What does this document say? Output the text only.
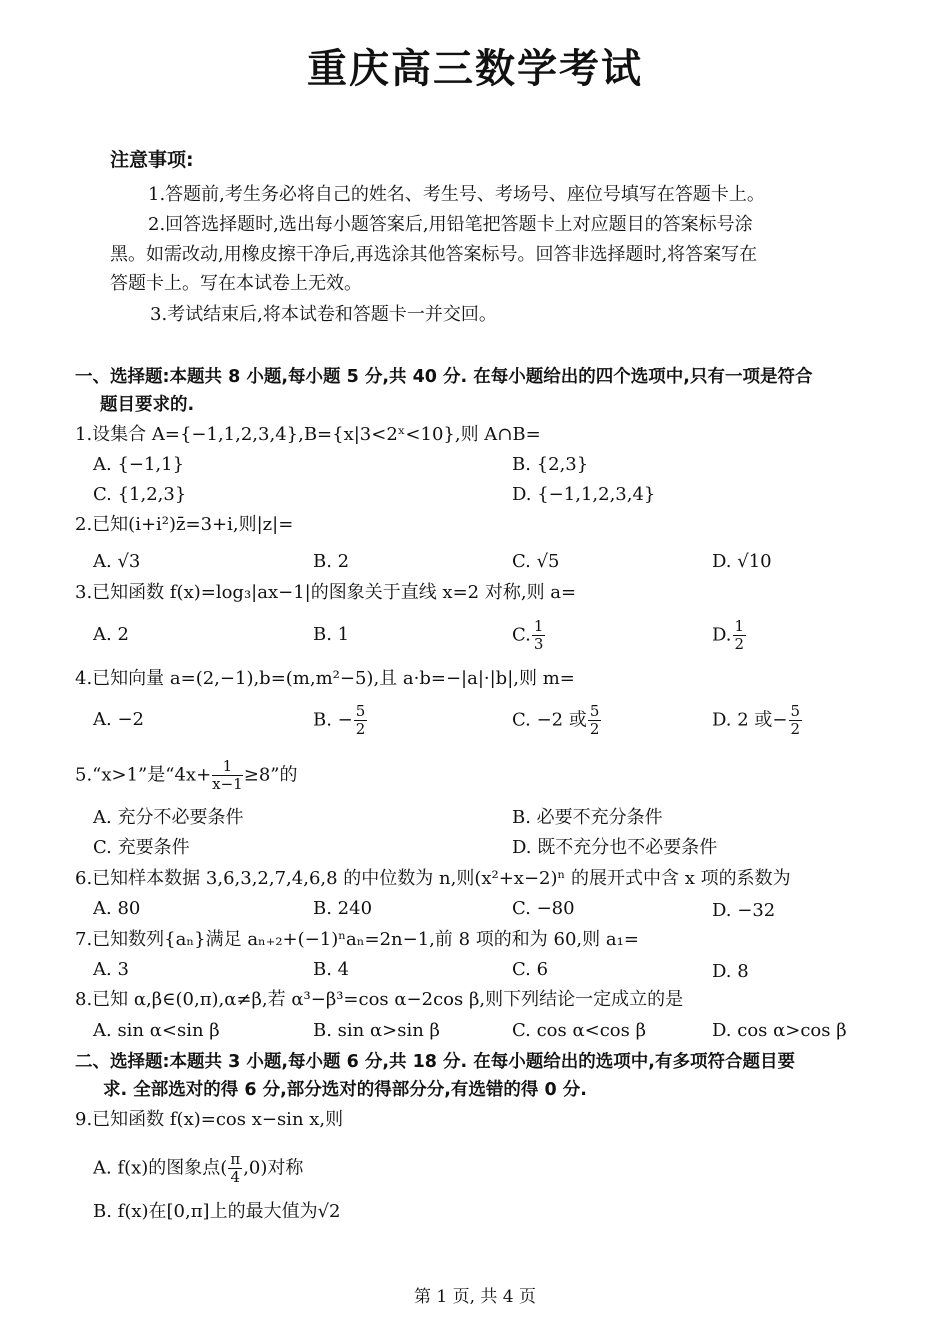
重庆高三数学考试
注意事项:
1.答题前,考生务必将自己的姓名、考生号、考场号、座位号填写在答题卡上。
2.回答选择题时,选出每小题答案后,用铅笔把答题卡上对应题目的答案标号涂
黑。如需改动,用橡皮擦干净后,再选涂其他答案标号。回答非选择题时,将答案写在
答题卡上。写在本试卷上无效。
3.考试结束后,将本试卷和答题卡一并交回。
一、选择题:本题共 8 小题,每小题 5 分,共 40 分. 在每小题给出的四个选项中,只有一项是符合
题目要求的.
1.设集合 A={−1,1,2,3,4},B={x|3<2ˣ<10},则 A∩B=
A. {−1,1}	B. {2,3}
C. {1,2,3}	D. {−1,1,2,3,4}
2.已知(i+i²)z̄=3+i,则|z|=
A. √3	B. 2	C. √5	D. √10
3.已知函数 f(x)=log₃|ax−1|的图象关于直线 x=2 对称,则 a=
A. 2	B. 1	C. $\frac{1}{3}$	D. $\frac{1}{2}$
4.已知向量 a=(2,−1),b=(m,m²−5),且 a·b=−|a|·|b|,则 m=
A. −2	B. − $\frac{5}{2}$	C. −2 或 $\frac{5}{2}$	D. 2 或− $\frac{5}{2}$
5.“x>1”是“$4x+ \frac{1}{x-1} \ge 8$”的
A. 充分不必要条件	B. 必要不充分条件
C. 充要条件	D. 既不充分也不必要条件
6.已知样本数据 3,6,3,2,7,4,6,8 的中位数为 n,则(x²+x−2)ⁿ 的展开式中含 x 项的系数为
A. 80	B. 240	C. −80	D. −32
7.已知数列{aₙ}满足 aₙ₊₂+(−1)ⁿaₙ=2n−1,前 8 项的和为 60,则 a₁=
A. 3	B. 4	C. 6	D. 8
8.已知 α,β∈(0,π),α≠β,若 α³−β³=cos α−2cos β,则下列结论一定成立的是
A. sin α<sin β	B. sin α>sin β	C. cos α<cos β	D. cos α>cos β
二、选择题:本题共 3 小题,每小题 6 分,共 18 分. 在每小题给出的选项中,有多项符合题目要
求. 全部选对的得 6 分,部分选对的得部分分,有选错的得 0 分.
9.已知函数 f(x)=cos x−sin x,则
A. f(x)的图象点( $\frac{\pi}{4} ,0$)对称
B. f(x)在[0,π]上的最大值为√2
第 1 页, 共 4 页
